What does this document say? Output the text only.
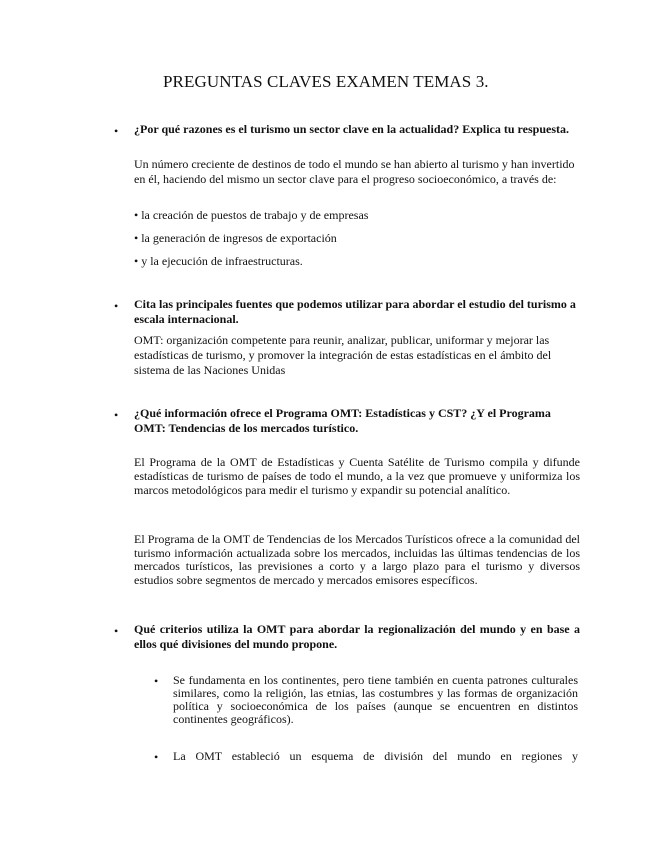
PREGUNTAS CLAVES EXAMEN TEMAS 3.
• ¿Por qué razones es el turismo un sector clave en la actualidad? Explica tu respuesta.
Un número creciente de destinos de todo el mundo se han abierto al turismo y han invertido en él, haciendo del mismo un sector clave para el progreso socioeconómico, a través de:
• la creación de puestos de trabajo y de empresas
• la generación de ingresos de exportación
• y la ejecución de infraestructuras.
• Cita las principales fuentes que podemos utilizar para abordar el estudio del turismo a escala internacional.
OMT: organización competente para reunir, analizar, publicar, uniformar y mejorar las estadísticas de turismo, y promover la integración de estas estadísticas en el ámbito del sistema de las Naciones Unidas
• ¿Qué información ofrece el Programa OMT: Estadísticas y CST? ¿Y el Programa OMT: Tendencias de los mercados turístico.
El Programa de la OMT de Estadísticas y Cuenta Satélite de Turismo compila y difunde estadísticas de turismo de países de todo el mundo, a la vez que promueve y uniformiza los marcos metodológicos para medir el turismo y expandir su potencial analítico.
El Programa de la OMT de Tendencias de los Mercados Turísticos ofrece a la comunidad del turismo información actualizada sobre los mercados, incluidas las últimas tendencias de los mercados turísticos, las previsiones a corto y a largo plazo para el turismo y diversos estudios sobre segmentos de mercado y mercados emisores específicos.
• Qué criterios utiliza la OMT para abordar la regionalización del mundo y en base a ellos qué divisiones del mundo propone.
• Se fundamenta en los continentes, pero tiene también en cuenta patrones culturales similares, como la religión, las etnias, las costumbres y las formas de organización política y socioeconómica de los países (aunque se encuentren en distintos continentes geográficos).
• La OMT estableció un esquema de división del mundo en regiones y
